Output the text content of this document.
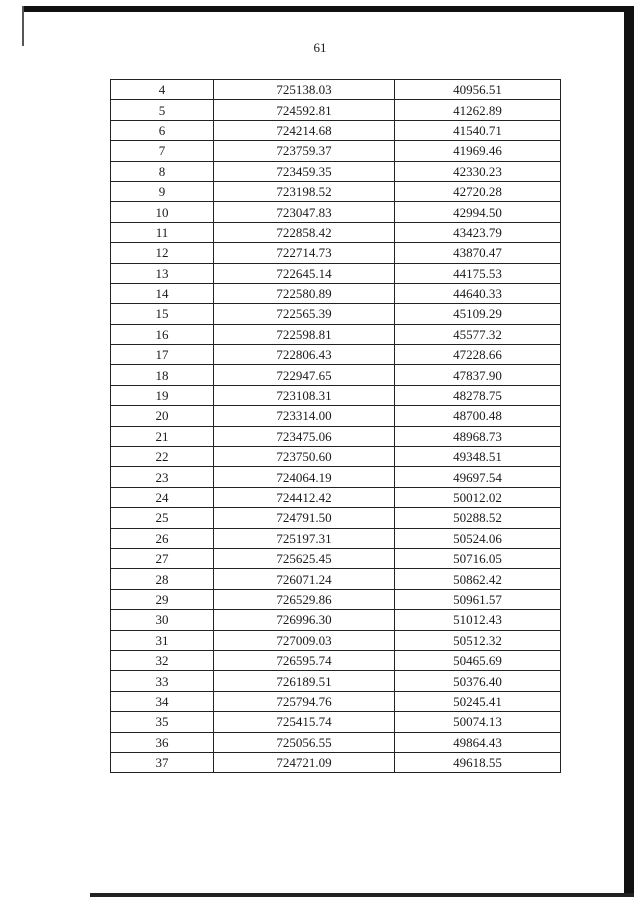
61
4	725138.03	40956.51
5	724592.81	41262.89
6	724214.68	41540.71
7	723759.37	41969.46
8	723459.35	42330.23
9	723198.52	42720.28
10	723047.83	42994.50
11	722858.42	43423.79
12	722714.73	43870.47
13	722645.14	44175.53
14	722580.89	44640.33
15	722565.39	45109.29
16	722598.81	45577.32
17	722806.43	47228.66
18	722947.65	47837.90
19	723108.31	48278.75
20	723314.00	48700.48
21	723475.06	48968.73
22	723750.60	49348.51
23	724064.19	49697.54
24	724412.42	50012.02
25	724791.50	50288.52
26	725197.31	50524.06
27	725625.45	50716.05
28	726071.24	50862.42
29	726529.86	50961.57
30	726996.30	51012.43
31	727009.03	50512.32
32	726595.74	50465.69
33	726189.51	50376.40
34	725794.76	50245.41
35	725415.74	50074.13
36	725056.55	49864.43
37	724721.09	49618.55
